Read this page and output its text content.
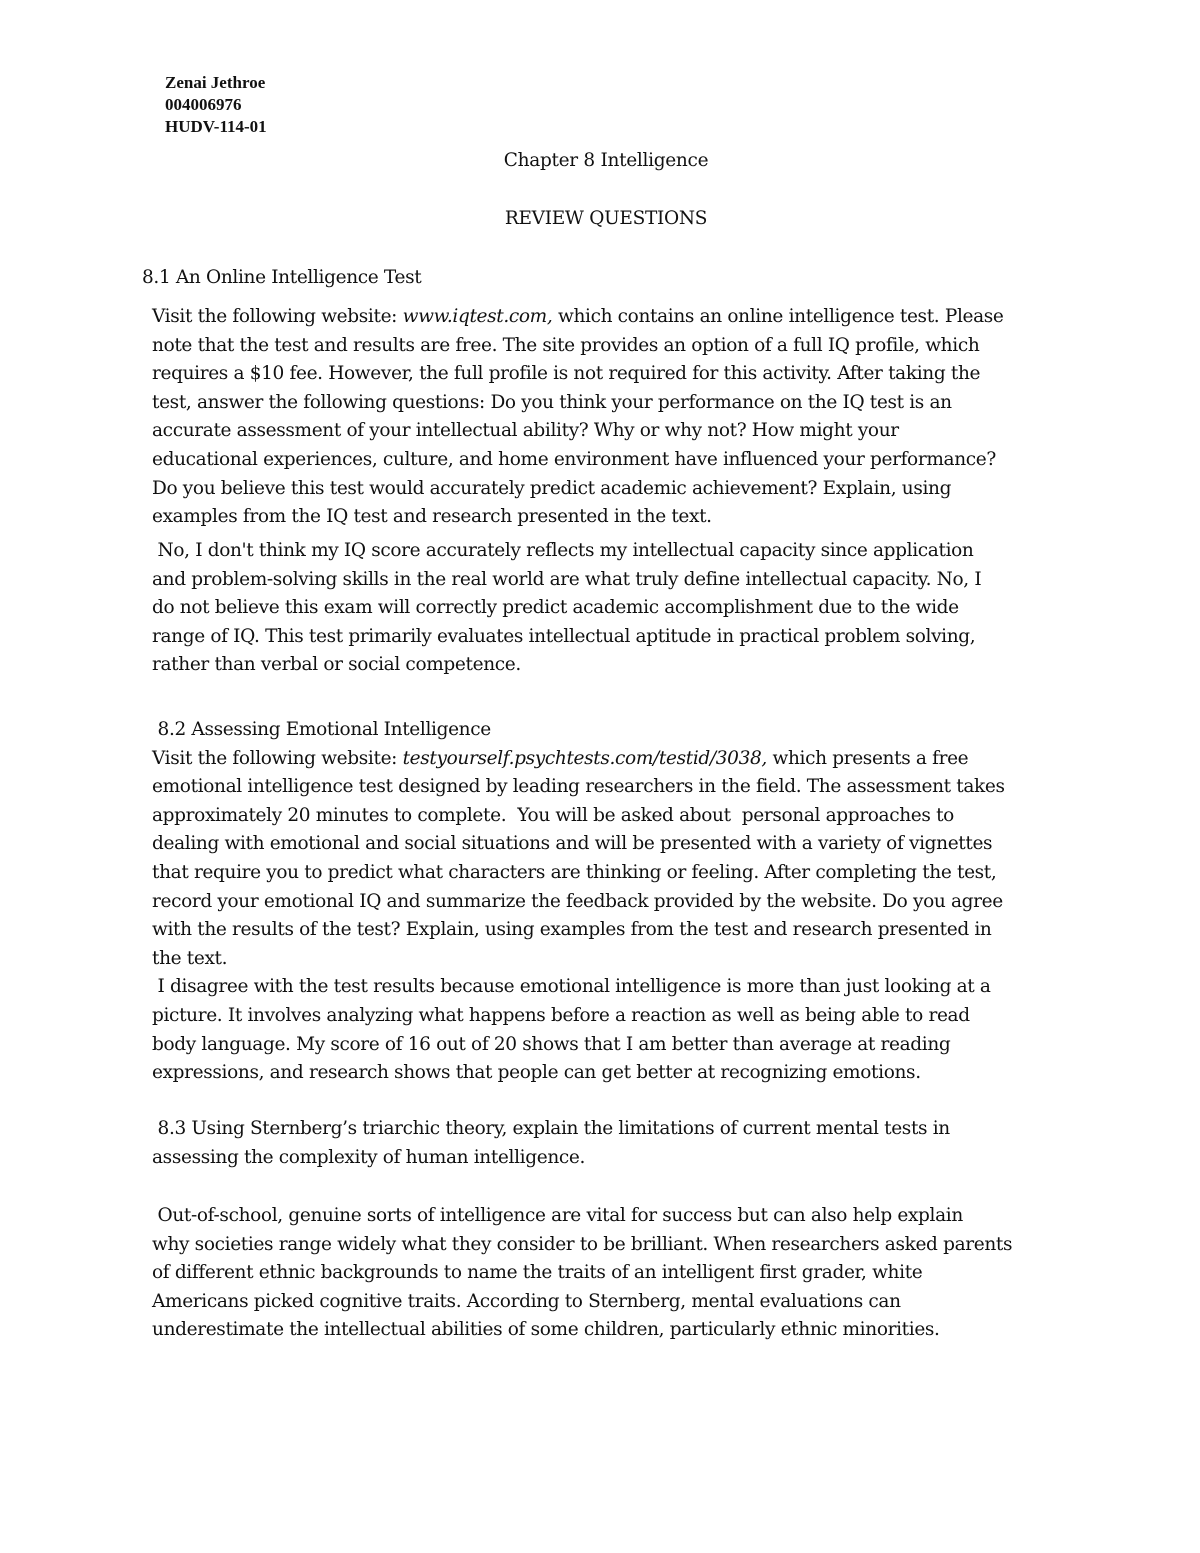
Zenai Jethroe
004006976
HUDV-114-01
Chapter 8 Intelligence
REVIEW QUESTIONS
8.1 An Online Intelligence Test
Visit the following website: www.iqtest.com, which contains an online intelligence test. Please
note that the test and results are free. The site provides an option of a full IQ profile, which
requires a $10 fee. However, the full profile is not required for this activity. After taking the
test, answer the following questions: Do you think your performance on the IQ test is an
accurate assessment of your intellectual ability? Why or why not? How might your
educational experiences, culture, and home environment have influenced your performance?
Do you believe this test would accurately predict academic achievement? Explain, using
examples from the IQ test and research presented in the text.
No, I don't think my IQ score accurately reflects my intellectual capacity since application
and problem-solving skills in the real world are what truly define intellectual capacity. No, I
do not believe this exam will correctly predict academic accomplishment due to the wide
range of IQ. This test primarily evaluates intellectual aptitude in practical problem solving,
rather than verbal or social competence.
8.2 Assessing Emotional Intelligence
Visit the following website: testyourself.psychtests.com/testid/3038, which presents a free
emotional intelligence test designed by leading researchers in the field. The assessment takes
approximately 20 minutes to complete.  You will be asked about  personal approaches to
dealing with emotional and social situations and will be presented with a variety of vignettes
that require you to predict what characters are thinking or feeling. After completing the test,
record your emotional IQ and summarize the feedback provided by the website. Do you agree
with the results of the test? Explain, using examples from the test and research presented in
the text.
I disagree with the test results because emotional intelligence is more than just looking at a
picture. It involves analyzing what happens before a reaction as well as being able to read
body language. My score of 16 out of 20 shows that I am better than average at reading
expressions, and research shows that people can get better at recognizing emotions.
8.3 Using Sternberg’s triarchic theory, explain the limitations of current mental tests in
assessing the complexity of human intelligence.
Out-of-school, genuine sorts of intelligence are vital for success but can also help explain
why societies range widely what they consider to be brilliant. When researchers asked parents
of different ethnic backgrounds to name the traits of an intelligent first grader, white
Americans picked cognitive traits. According to Sternberg, mental evaluations can
underestimate the intellectual abilities of some children, particularly ethnic minorities.
